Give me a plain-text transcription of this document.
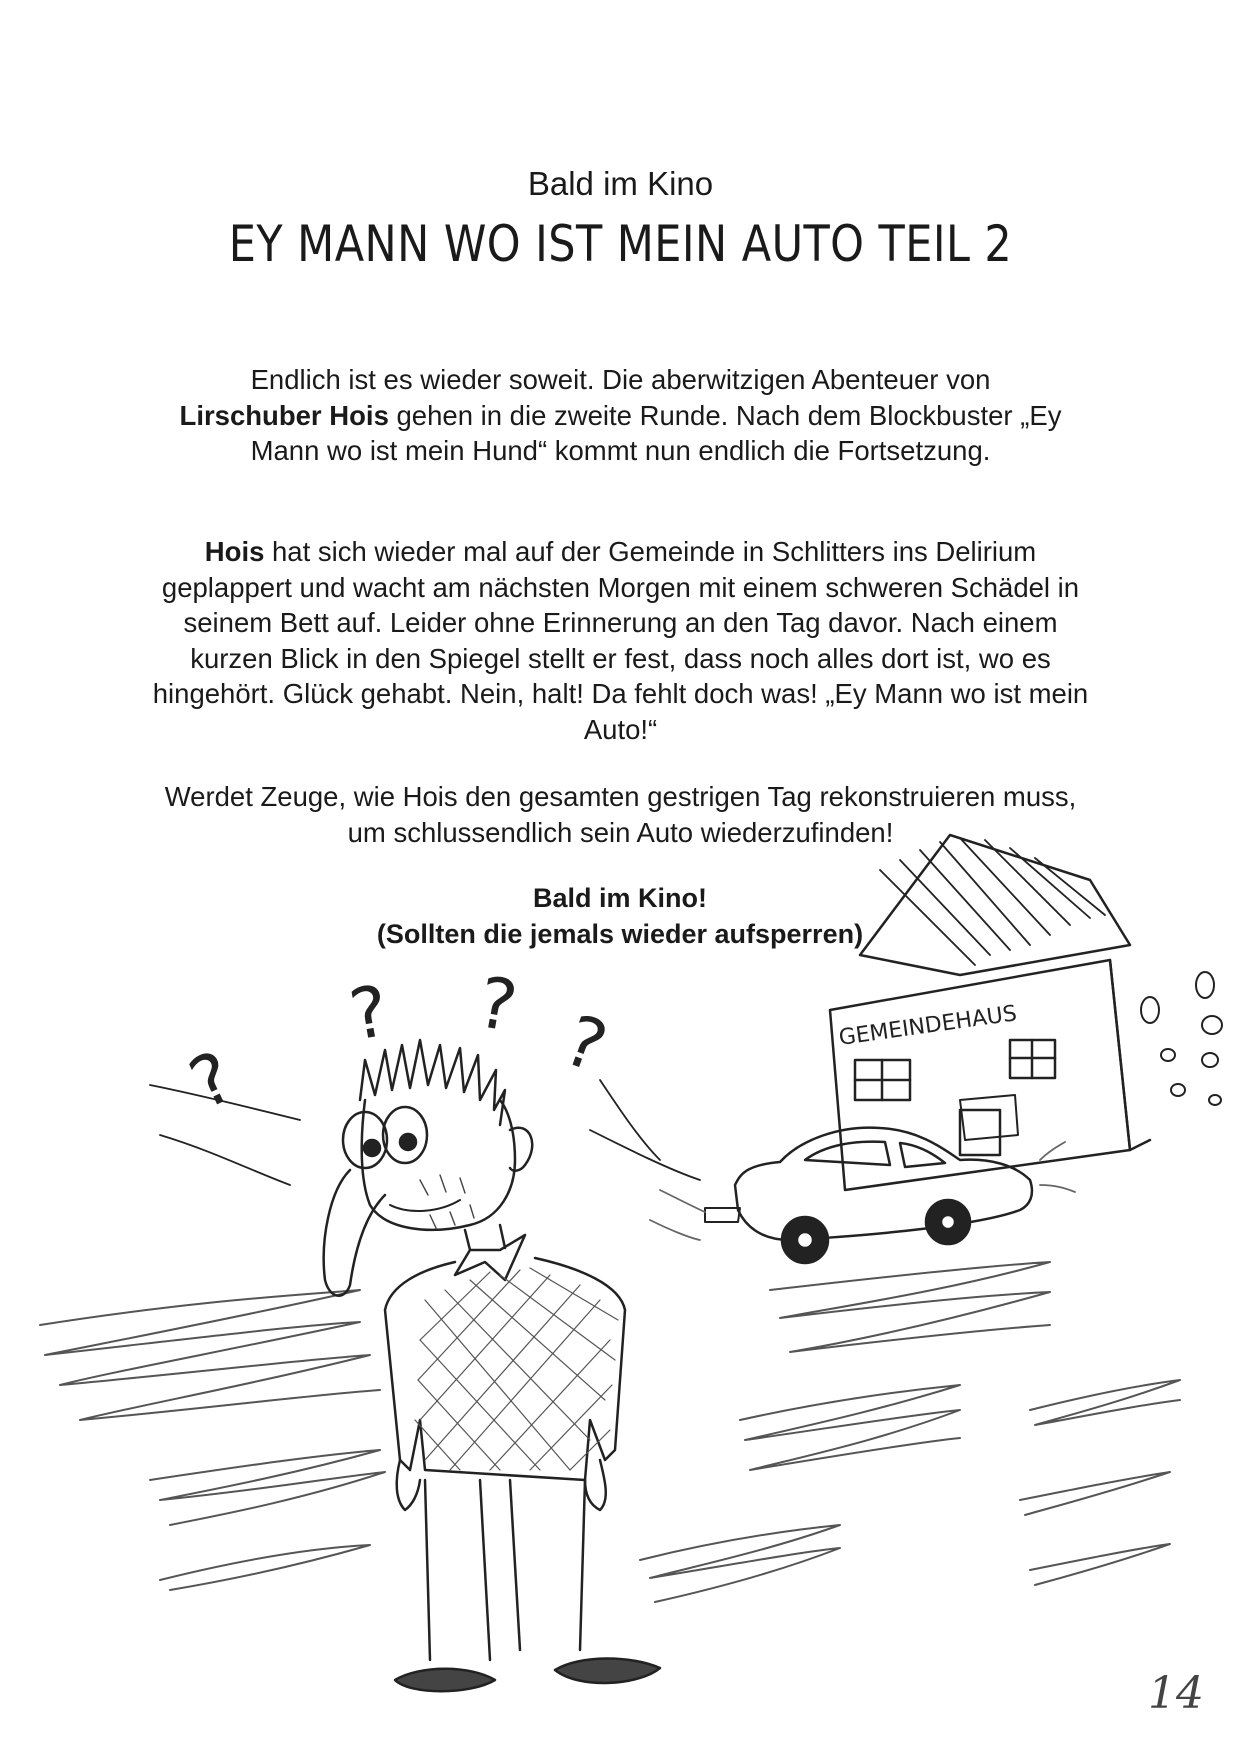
Bald im Kino
EY MANN WO IST MEIN AUTO TEIL 2
Endlich ist es wieder soweit. Die aberwitzigen Abenteuer von
Lirschuber Hois gehen in die zweite Runde. Nach dem Blockbuster „Ey Mann wo ist mein Hund“ kommt nun endlich die Fortsetzung.
Hois hat sich wieder mal auf der Gemeinde in Schlitters ins Delirium geplappert und wacht am nächsten Morgen mit einem schweren Schädel in seinem Bett auf. Leider ohne Erinnerung an den Tag davor. Nach einem kurzen Blick in den Spiegel stellt er fest, dass noch alles dort ist, wo es hingehört. Glück gehabt. Nein, halt! Da fehlt doch was! „Ey Mann wo ist mein Auto!“
Werdet Zeuge, wie Hois den gesamten gestrigen Tag rekonstruieren muss, um schlussendlich sein Auto wiederzufinden!
Bald im Kino!
(Sollten die jemals wieder aufsperren)
GEMEINDEHAUS
?
? ? ?
14
